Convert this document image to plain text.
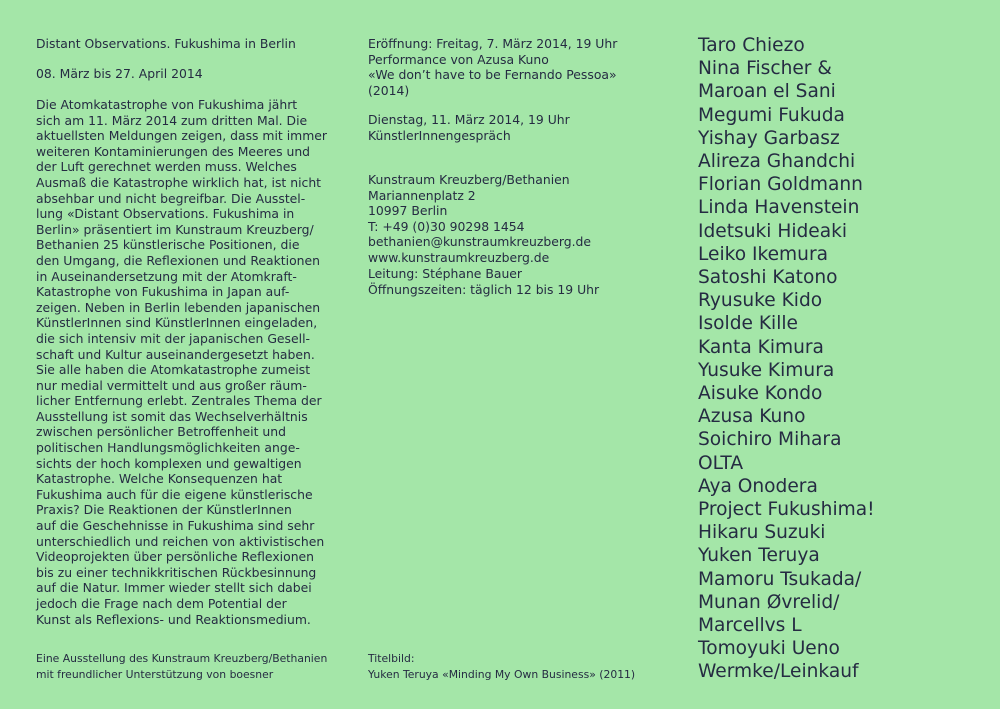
Distant Observations. Fukushima in Berlin

08. März bis 27. April 2014

Die Atomkatastrophe von Fukushima jährt
sich am 11. März 2014 zum dritten Mal. Die
aktuellsten Meldungen zeigen, dass mit immer
weiteren Kontaminierungen des Meeres und
der Luft gerechnet werden muss. Welches
Ausmaß die Katastrophe wirklich hat, ist nicht
absehbar und nicht begreifbar. Die Ausstel-
lung «Distant Observations. Fukushima in
Berlin» präsentiert im Kunstraum Kreuzberg/
Bethanien 25 künstlerische Positionen, die
den Umgang, die Reflexionen und Reaktionen
in Auseinandersetzung mit der Atomkraft-
Katastrophe von Fukushima in Japan auf-
zeigen. Neben in Berlin lebenden japanischen
KünstlerInnen sind KünstlerInnen eingeladen,
die sich intensiv mit der japanischen Gesell-
schaft und Kultur auseinandergesetzt haben.
Sie alle haben die Atomkatastrophe zumeist
nur medial vermittelt und aus großer räum-
licher Entfernung erlebt. Zentrales Thema der
Ausstellung ist somit das Wechselverhältnis
zwischen persönlicher Betroffenheit und
politischen Handlungsmöglichkeiten ange-
sichts der hoch komplexen und gewaltigen
Katastrophe. Welche Konsequenzen hat
Fukushima auch für die eigene künstlerische
Praxis? Die Reaktionen der KünstlerInnen
auf die Geschehnisse in Fukushima sind sehr
unterschiedlich und reichen von aktivistischen
Videoprojekten über persönliche Reflexionen
bis zu einer technikkritischen Rückbesinnung
auf die Natur. Immer wieder stellt sich dabei
jedoch die Frage nach dem Potential der
Kunst als Reflexions- und Reaktionsmedium.
Eine Ausstellung des Kunstraum Kreuzberg/Bethanien
mit freundlicher Unterstützung von boesner
Eröffnung: Freitag, 7. März 2014, 19 Uhr
Performance von Azusa Kuno
«We don’t have to be Fernando Pessoa»
(2014)
Dienstag, 11. März 2014, 19 Uhr
KünstlerInnengespräch
Kunstraum Kreuzberg/Bethanien
Mariannenplatz 2
10997 Berlin
T: +49 (0)30 90298 1454
bethanien@kunstraumkreuzberg.de
www.kunstraumkreuzberg.de
Leitung: Stéphane Bauer

Öffnungszeiten: täglich 12 bis 19 Uhr

Titelbild:
Yuken Teruya «Minding My Own Business» (2011)
Taro Chiezo
Nina Fischer &
Maroan el Sani
Megumi Fukuda
Yishay Garbasz
Alireza Ghandchi
Florian Goldmann
Linda Havenstein
Idetsuki Hideaki
Leiko Ikemura
Satoshi Katono
Ryusuke Kido
Isolde Kille
Kanta Kimura
Yusuke Kimura
Aisuke Kondo
Azusa Kuno
Soichiro Mihara
OLTA
Aya Onodera
Project Fukushima!
Hikaru Suzuki
Yuken Teruya
Mamoru Tsukada/
Munan Øvrelid/
Marcellvs L
Tomoyuki Ueno
Wermke/Leinkauf
